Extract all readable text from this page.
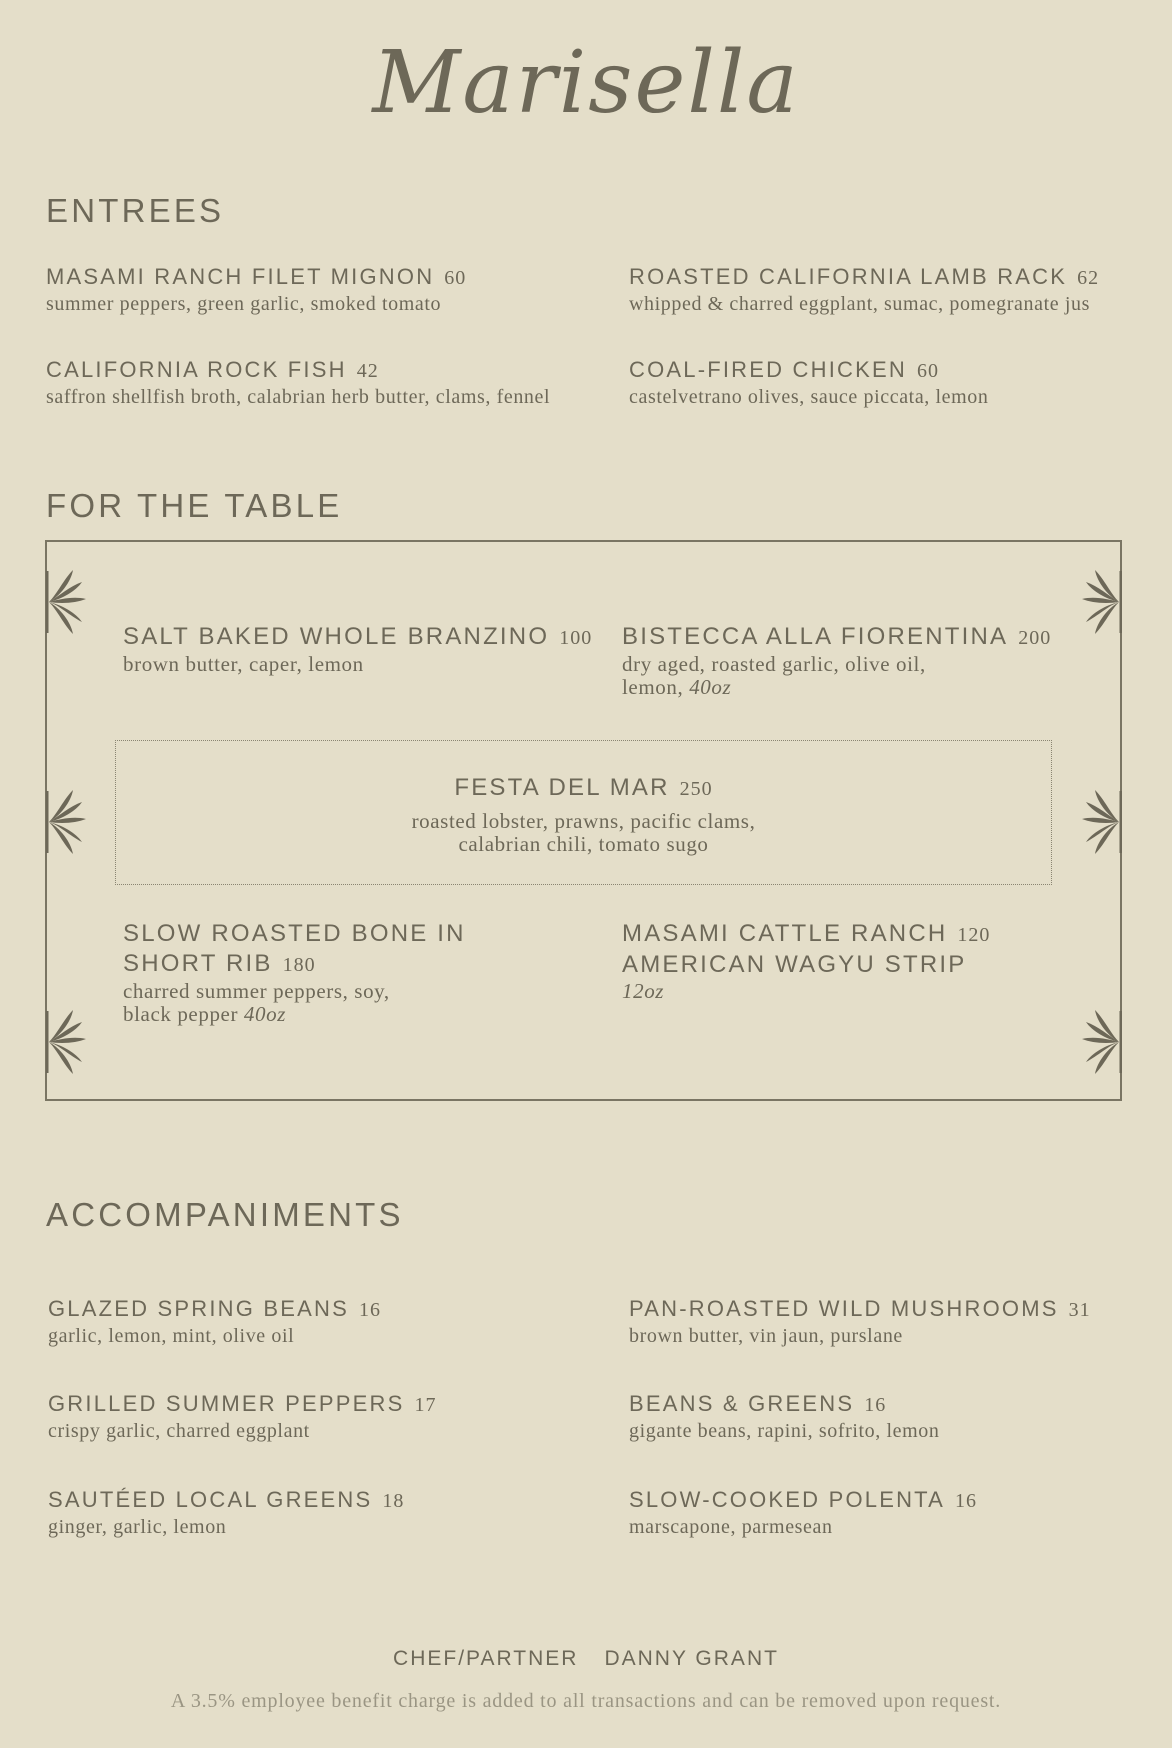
Marisella
ENTREES
MASAMI RANCH FILET MIGNON 60
summer peppers, green garlic, smoked tomato
ROASTED CALIFORNIA LAMB RACK 62
whipped & charred eggplant, sumac, pomegranate jus
CALIFORNIA ROCK FISH 42
saffron shellfish broth, calabrian herb butter, clams, fennel
COAL-FIRED CHICKEN 60
castelvetrano olives, sauce piccata, lemon
FOR THE TABLE
SALT BAKED WHOLE BRANZINO 100
brown butter, caper, lemon
BISTECCA ALLA FIORENTINA 200
dry aged, roasted garlic, olive oil,
lemon, 40oz
FESTA DEL MAR 250
roasted lobster, prawns, pacific clams,
calabrian chili, tomato sugo
SLOW ROASTED BONE IN
SHORT RIB 180
charred summer peppers, soy,
black pepper 40oz
MASAMI CATTLE RANCH 120
AMERICAN WAGYU STRIP
12oz
ACCOMPANIMENTS
GLAZED SPRING BEANS 16
garlic, lemon, mint, olive oil
PAN-ROASTED WILD MUSHROOMS 31
brown butter, vin jaun, purslane
GRILLED SUMMER PEPPERS 17
crispy garlic, charred eggplant
BEANS & GREENS 16
gigante beans, rapini, sofrito, lemon
SAUTÉED LOCAL GREENS 18
ginger, garlic, lemon
SLOW-COOKED POLENTA 16
marscapone, parmesean
CHEF/PARTNER DANNY GRANT
A 3.5% employee benefit charge is added to all transactions and can be removed upon request.
